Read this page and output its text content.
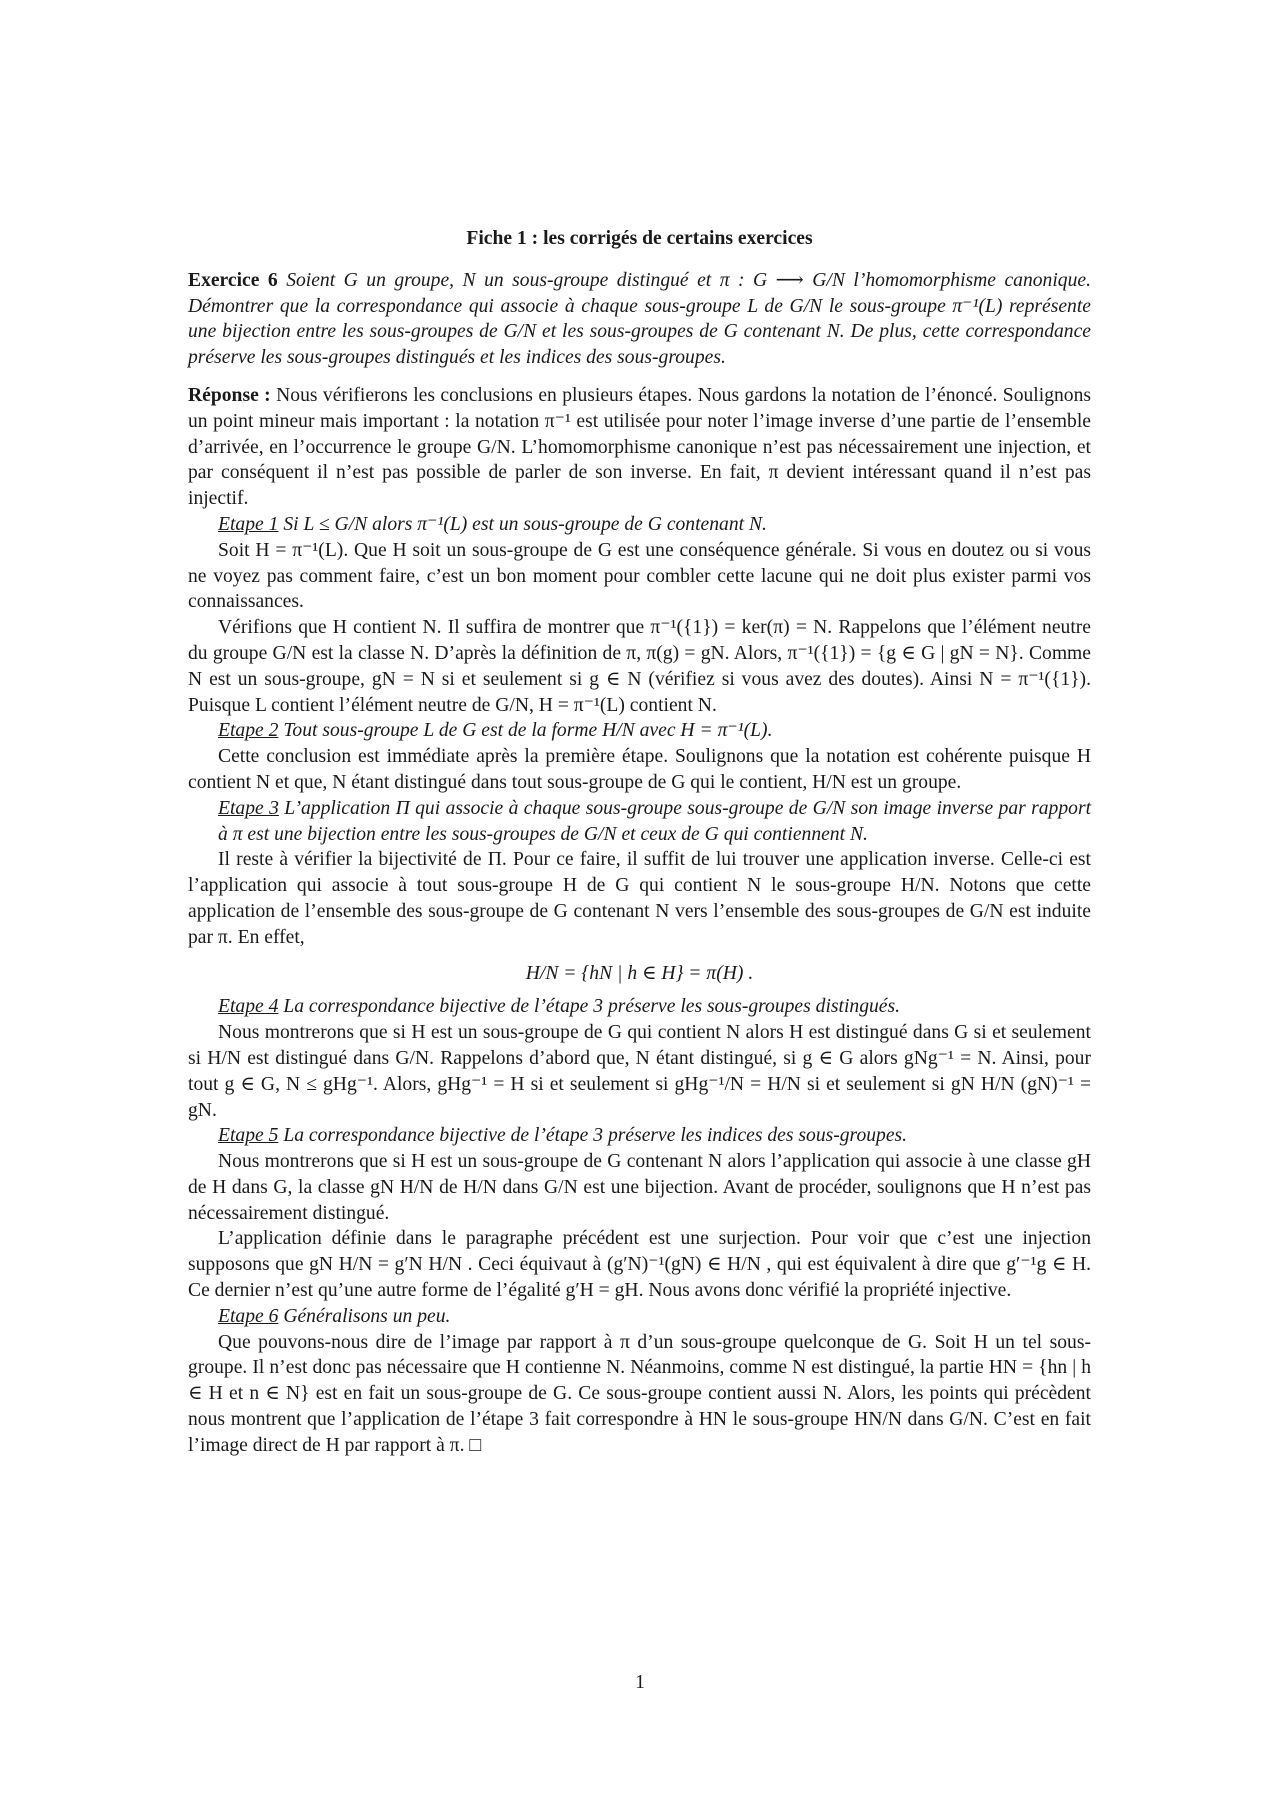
Fiche 1 : les corrigés de certains exercices

Exercice 6 Soient G un groupe, N un sous-groupe distingué et π : G ⟶ G/N l’homomorphisme canonique. Démontrer que la correspondance qui associe à chaque sous-groupe L de G/N le sous-groupe π⁻¹(L) représente une bijection entre les sous-groupes de G/N et les sous-groupes de G contenant N. De plus, cette correspondance préserve les sous-groupes distingués et les indices des sous-groupes.

Réponse : Nous vérifierons les conclusions en plusieurs étapes. Nous gardons la notation de l’énoncé. Soulignons un point mineur mais important : la notation π⁻¹ est utilisée pour noter l’image inverse d’une partie de l’ensemble d’arrivée, en l’occurrence le groupe G/N. L’homomorphisme canonique n’est pas nécessairement une injection, et par conséquent il n’est pas possible de parler de son inverse. En fait, π devient intéressant quand il n’est pas injectif.

Etape 1 Si L ≤ G/N alors π⁻¹(L) est un sous-groupe de G contenant N.

Soit H = π⁻¹(L). Que H soit un sous-groupe de G est une conséquence générale. Si vous en doutez ou si vous ne voyez pas comment faire, c’est un bon moment pour combler cette lacune qui ne doit plus exister parmi vos connaissances.

Vérifions que H contient N. Il suffira de montrer que π⁻¹({1}) = ker(π) = N. Rappelons que l’élément neutre du groupe G/N est la classe N. D’après la définition de π, π(g) = gN. Alors, π⁻¹({1}) = {g ∈ G | gN = N}. Comme N est un sous-groupe, gN = N si et seulement si g ∈ N (vérifiez si vous avez des doutes). Ainsi N = π⁻¹({1}). Puisque L contient l’élément neutre de G/N, H = π⁻¹(L) contient N.

Etape 2 Tout sous-groupe L de G est de la forme H/N avec H = π⁻¹(L).

Cette conclusion est immédiate après la première étape. Soulignons que la notation est cohérente puisque H contient N et que, N étant distingué dans tout sous-groupe de G qui le contient, H/N est un groupe.

Etape 3 L’application Π qui associe à chaque sous-groupe sous-groupe de G/N son image inverse par rapport à π est une bijection entre les sous-groupes de G/N et ceux de G qui contiennent N.

Il reste à vérifier la bijectivité de Π. Pour ce faire, il suffit de lui trouver une application inverse. Celle-ci est l’application qui associe à tout sous-groupe H de G qui contient N le sous-groupe H/N. Notons que cette application de l’ensemble des sous-groupe de G contenant N vers l’ensemble des sous-groupes de G/N est induite par π. En effet,

H/N = {hN | h ∈ H} = π(H) .

Etape 4 La correspondance bijective de l’étape 3 préserve les sous-groupes distingués.

Nous montrerons que si H est un sous-groupe de G qui contient N alors H est distingué dans G si et seulement si H/N est distingué dans G/N. Rappelons d’abord que, N étant distingué, si g ∈ G alors gNg⁻¹ = N. Ainsi, pour tout g ∈ G, N ≤ gHg⁻¹. Alors, gHg⁻¹ = H si et seulement si gHg⁻¹/N = H/N si et seulement si gN H/N (gN)⁻¹ = gN.

Etape 5 La correspondance bijective de l’étape 3 préserve les indices des sous-groupes.

Nous montrerons que si H est un sous-groupe de G contenant N alors l’application qui associe à une classe gH de H dans G, la classe gN H/N de H/N dans G/N est une bijection. Avant de procéder, soulignons que H n’est pas nécessairement distingué.

L’application définie dans le paragraphe précédent est une surjection. Pour voir que c’est une injection supposons que gN H/N = g′N H/N . Ceci équivaut à (g′N)⁻¹(gN) ∈ H/N , qui est équivalent à dire que g′⁻¹g ∈ H. Ce dernier n’est qu’une autre forme de l’égalité g′H = gH. Nous avons donc vérifié la propriété injective.

Etape 6 Généralisons un peu.

Que pouvons-nous dire de l’image par rapport à π d’un sous-groupe quelconque de G. Soit H un tel sous-groupe. Il n’est donc pas nécessaire que H contienne N. Néanmoins, comme N est distingué, la partie HN = {hn | h ∈ H et n ∈ N} est en fait un sous-groupe de G. Ce sous-groupe contient aussi N. Alors, les points qui précèdent nous montrent que l’application de l’étape 3 fait correspondre à HN le sous-groupe HN/N dans G/N. C’est en fait l’image direct de H par rapport à π. □

1
